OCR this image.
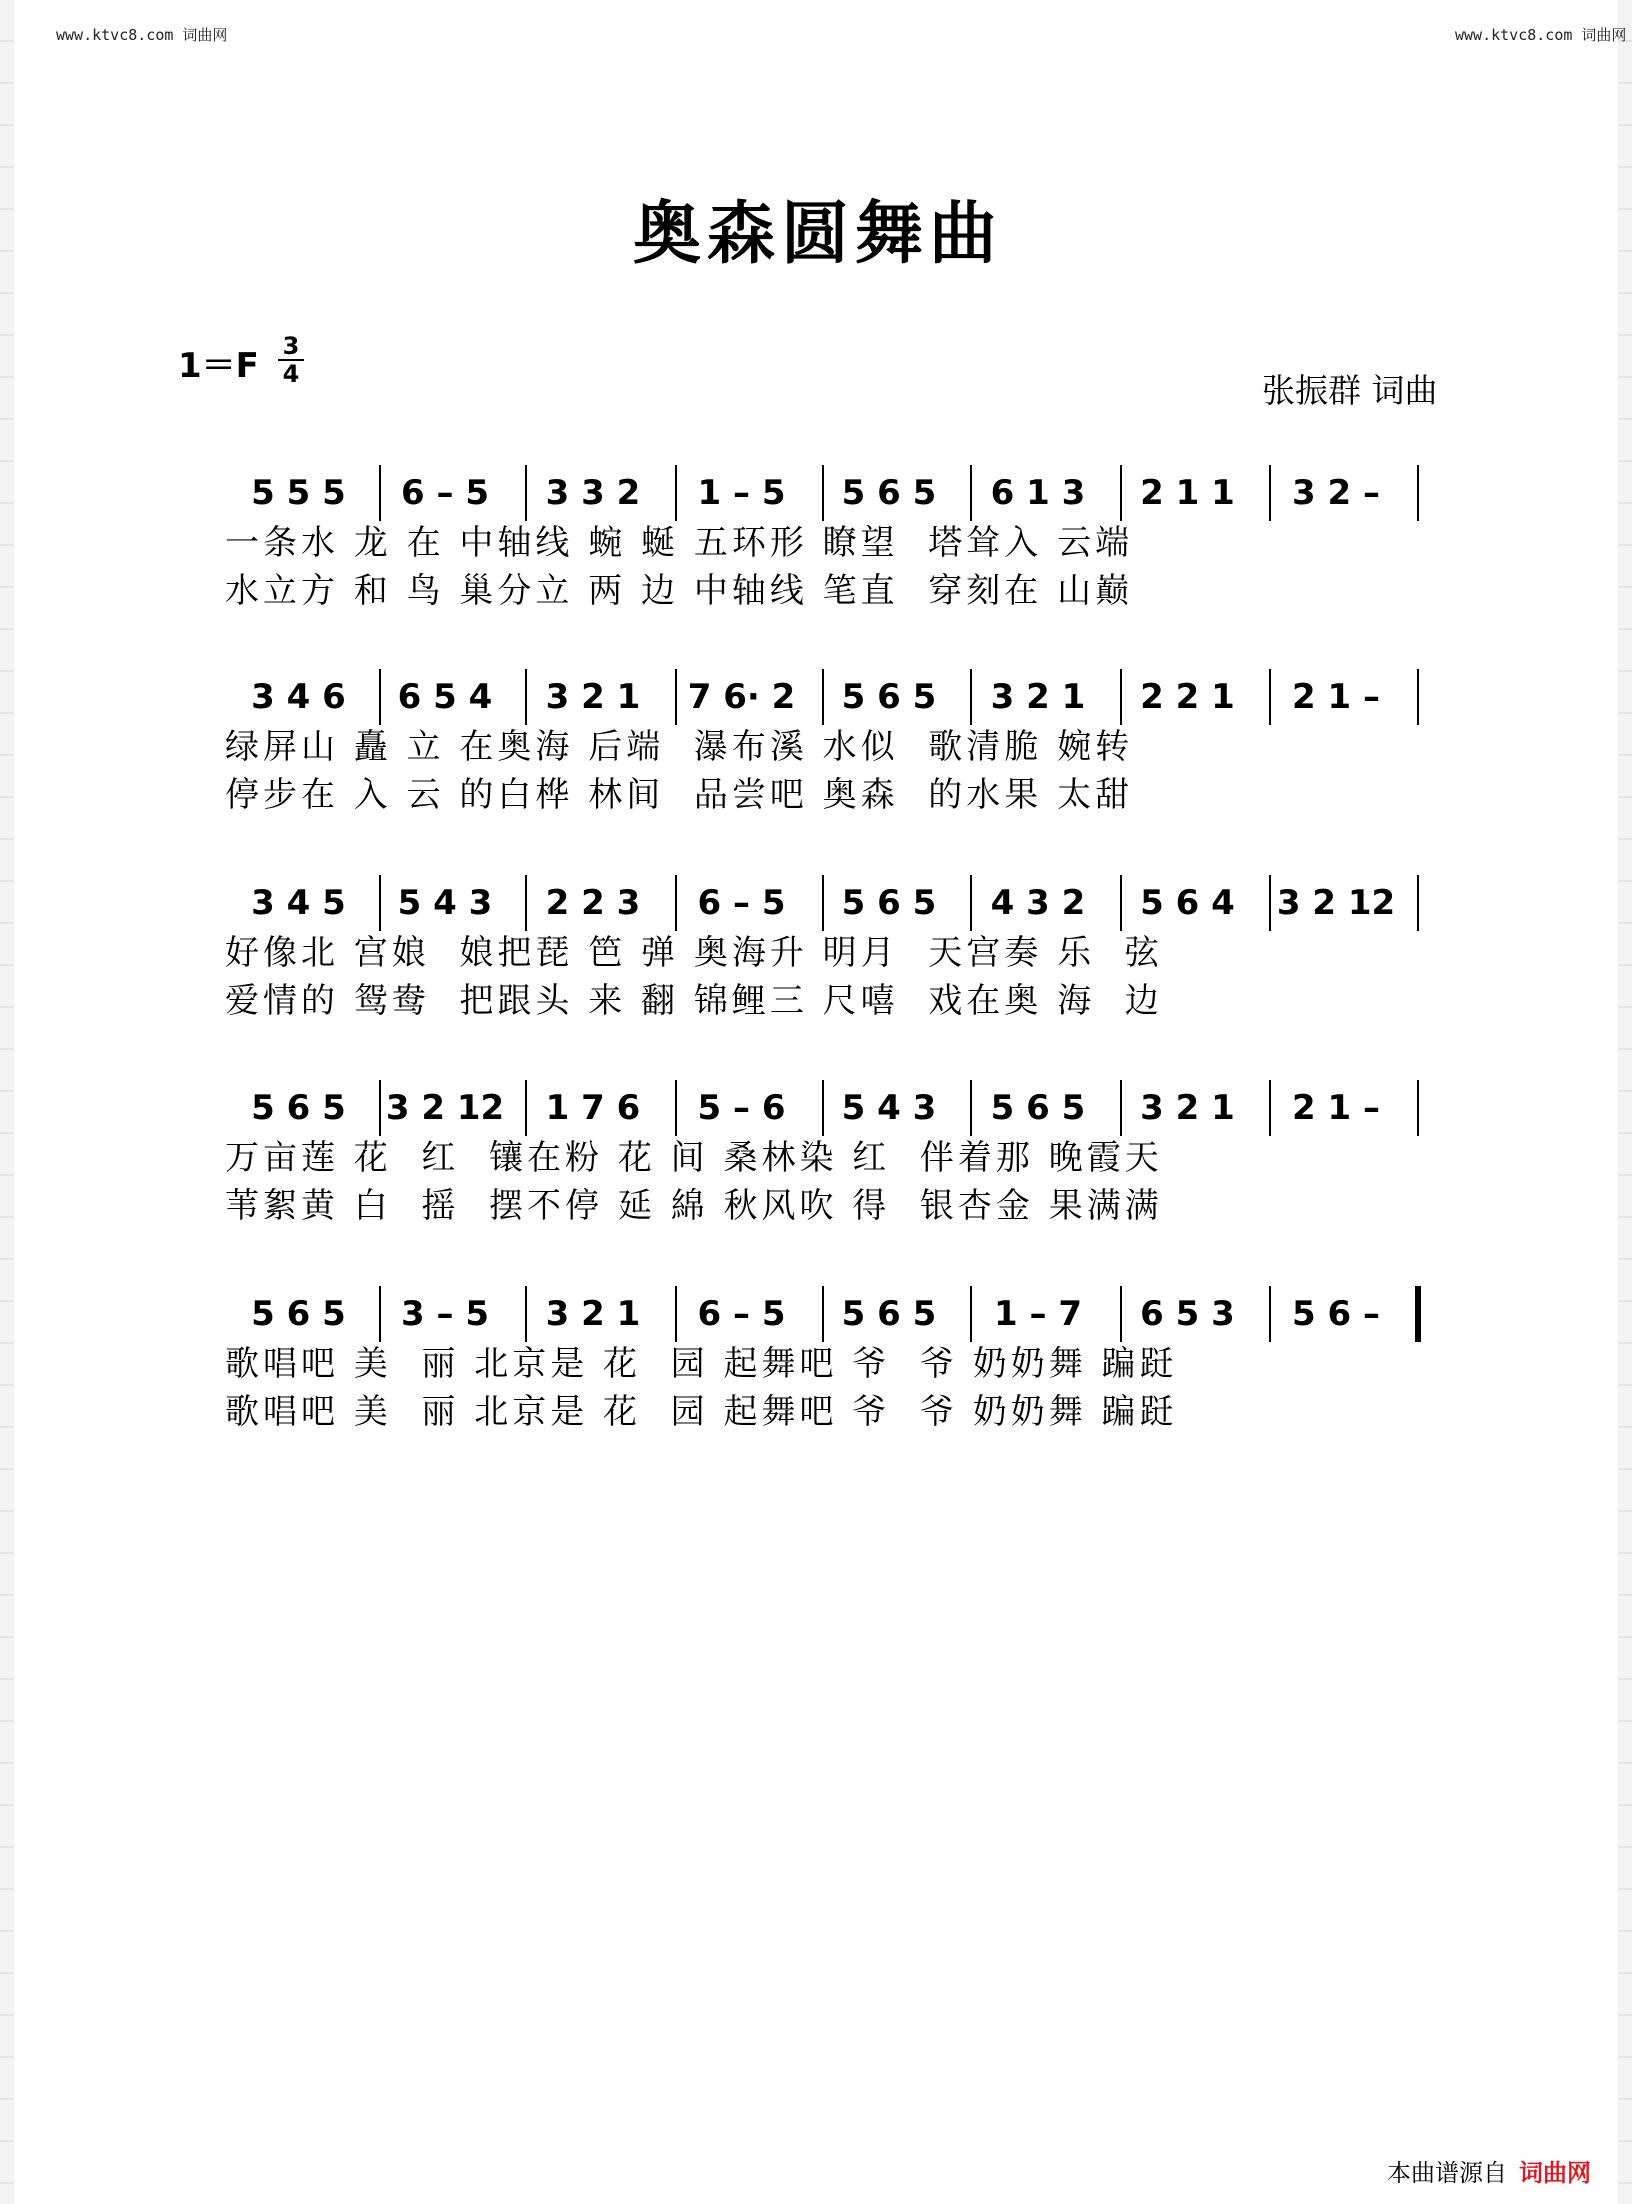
www.ktvc8.com 词曲网	www.ktvc8.com 词曲网
奥森圆舞曲
1＝F 3
4	张振群 词曲
5 5 5	6 – 5	3 3 2	1 – 5	5 6 5	6 1 3	2 1 1	3 2 –
一条水 龙 在 中轴线 蜿 蜒 五环形 瞭望  塔耸入 云端
水立方 和 鸟 巢分立 两 边 中轴线 笔直  穿刻在 山巅
3 4 6	6 5 4	3 2 1	7 6· 2	5 6 5	3 2 1	2 2 1	2 1 –
绿屏山 矗 立 在奥海 后端  瀑布溪 水似  歌清脆 婉转
停步在 入 云 的白桦 林间  品尝吧 奥森  的水果 太甜
3 4 5	5 4 3	2 2 3	6 – 5	5 6 5	4 3 2	5 6 4	3 2 12
好像北 宫娘  娘把琵 笆 弹 奥海升 明月  天宫奏 乐  弦
爱情的 鸳鸯  把跟头 来 翻 锦鲤三 尺嘻  戏在奥 海  边
5 6 5	3 2 12	1 7 6	5 – 6	5 4 3	5 6 5	3 2 1	2 1 –
万亩莲 花  红  镶在粉 花 间 桑林染 红  伴着那 晚霞天
苇絮黄 白  摇  摆不停 延 綿 秋风吹 得  银杏金 果满满
5 6 5	3 – 5	3 2 1	6 – 5	5 6 5	1 – 7	6 5 3	5 6 –
歌唱吧 美  丽 北京是 花  园 起舞吧 爷  爷 奶奶舞 蹁跹
歌唱吧 美  丽 北京是 花  园 起舞吧 爷  爷 奶奶舞 蹁跹
本曲谱源自 词曲网
